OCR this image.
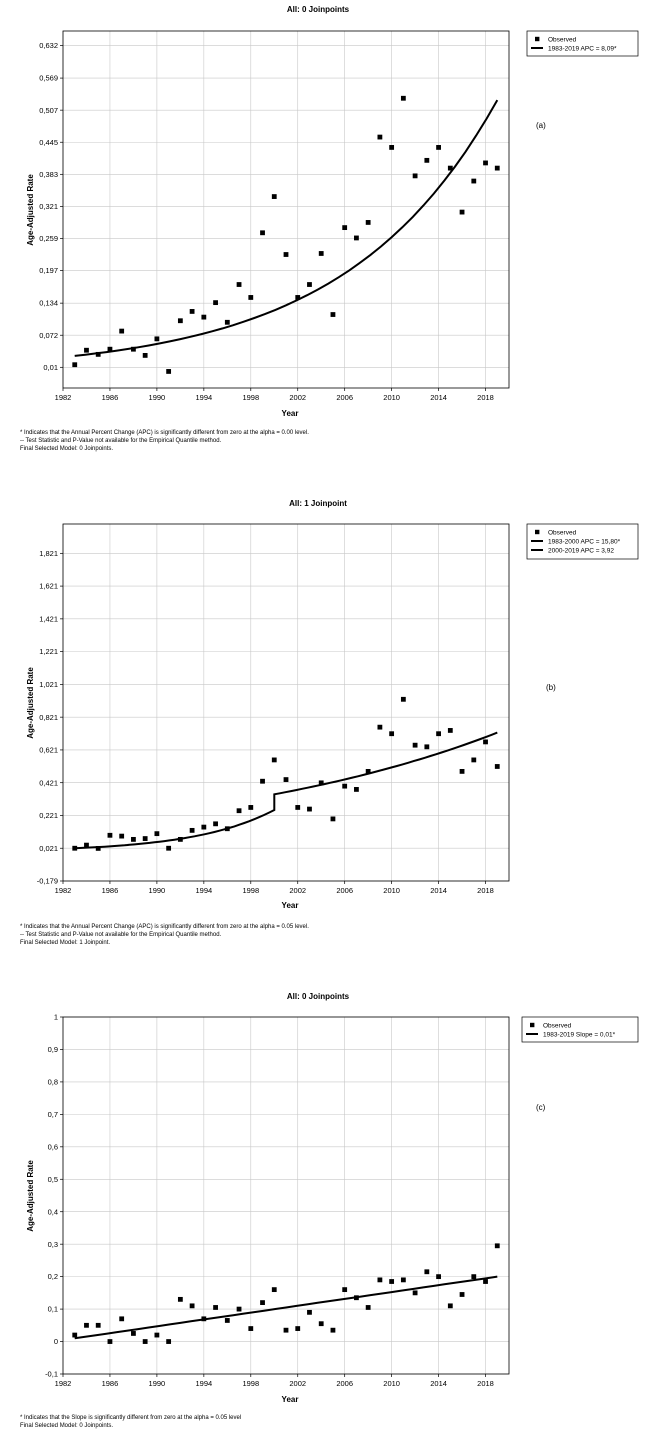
All: 0 Joinpoints
0,01
0,072
0,134
0,197
0,259
0,321
0,383
0,445
0,507
0,569
0,632
1982	1986	1990	1994	1998	2002	2006	2010	2014	2018
Year
Age-Adjusted Rate
Observed
1983-2019 APC = 8,09*
(a)
* Indicates that the Annual Percent Change (APC) is significantly different from zero at the alpha = 0.00 level.
-- Test Statistic and P-Value not available for the Empirical Quantile method.
Final Selected Model: 0 Joinpoints.
All: 1 Joinpoint
-0,179
0,021
0,221
0,421
0,621
0,821
1,021
1,221
1,421
1,621
1,821
1982	1986	1990	1994	1998	2002	2006	2010	2014	2018
Year
Age-Adjusted Rate
Observed
1983-2000 APC = 15,80*
2000-2019 APC = 3,92
(b)
* Indicates that the Annual Percent Change (APC) is significantly different from zero at the alpha = 0.05 level.
-- Test Statistic and P-Value not available for the Empirical Quantile method.
Final Selected Model: 1 Joinpoint.
All: 0 Joinpoints
-0,1
0
0,1
0,2
0,3
0,4
0,5
0,6
0,7
0,8
0,9
1
1982	1986	1990	1994	1998	2002	2006	2010	2014	2018
Year
Age-Adjusted Rate
Observed
1983-2019 Slope = 0,01*
(c)
* Indicates that the Slope is significantly different from zero at the alpha = 0.05 level
Final Selected Model: 0 Joinpoints.
